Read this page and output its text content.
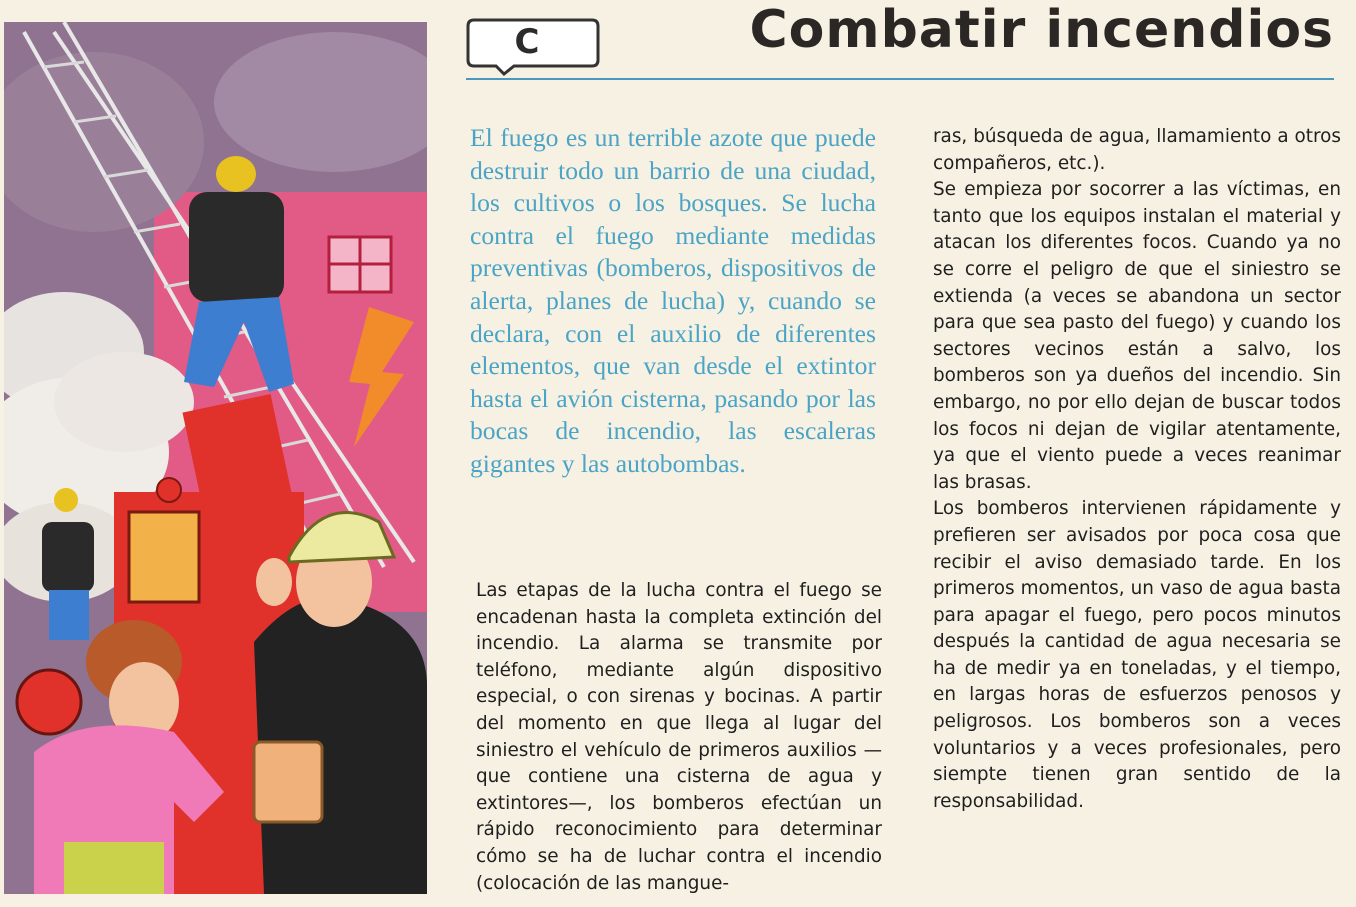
C	Combatir incendios

El fuego es un terrible azote que puede destruir todo un barrio de una ciudad, los cultivos o los bosques. Se lucha contra el fuego mediante medidas preventivas (bomberos, dispositivos de alerta, planes de lucha) y, cuando se declara, con el auxilio de diferentes elementos, que van desde el extintor hasta el avión cisterna, pasando por las bocas de incendio, las escaleras gigantes y las autobombas.

Las etapas de la lucha contra el fuego se encadenan hasta la completa extinción del incendio. La alarma se transmite por teléfono, mediante algún dispositivo especial, o con sirenas y bocinas. A partir del momento en que llega al lugar del siniestro el vehículo de primeros auxilios —que contiene una cisterna de agua y extintores—, los bomberos efectúan un rápido reconocimiento para determinar cómo se ha de luchar contra el incendio (colocación de las mangue-

ras, búsqueda de agua, llamamiento a otros compañeros, etc.).

Se empieza por socorrer a las víctimas, en tanto que los equipos instalan el material y atacan los diferentes focos. Cuando ya no se corre el peligro de que el siniestro se extienda (a veces se abandona un sector para que sea pasto del fuego) y cuando los sectores vecinos están a salvo, los bomberos son ya dueños del incendio. Sin embargo, no por ello dejan de buscar todos los focos ni dejan de vigilar atentamente, ya que el viento puede a veces reanimar las brasas.

Los bomberos intervienen rápidamente y prefieren ser avisados por poca cosa que recibir el aviso demasiado tarde. En los primeros momentos, un vaso de agua basta para apagar el fuego, pero pocos minutos después la cantidad de agua necesaria se ha de medir ya en toneladas, y el tiempo, en largas horas de esfuerzos penosos y peligrosos. Los bomberos son a veces voluntarios y a veces profesionales, pero siempte tienen gran sentido de la responsabilidad.
